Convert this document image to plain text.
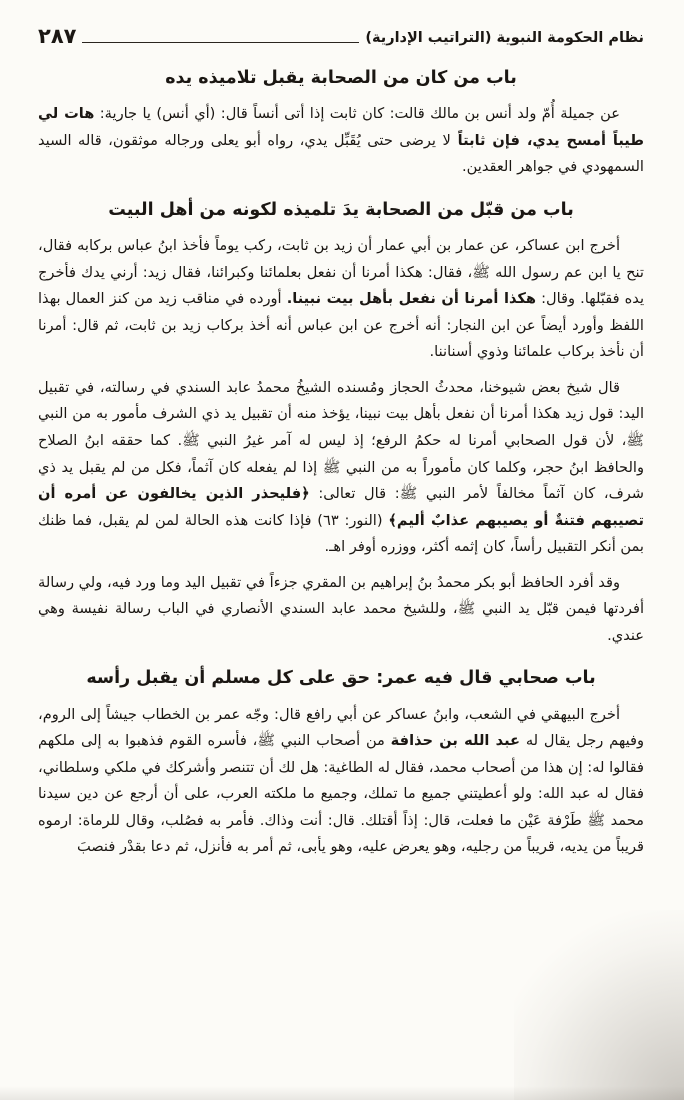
٢٨٧	نظام الحكومة النبوية (التراتيب الإدارية)
باب من كان من الصحابة يقبل تلاميذه يده

عن جميلة أُمّ ولد أنس بن مالك قالت: كان ثابت إذا أتى أنساً قال: (أي أنس) يا جارية: هات لي طيباً أمسح يدي، فإن ثابتاً لا يرضى حتى يُقَبِّل يدي، رواه أبو يعلى ورجاله موثقون، قاله السيد السمهودي في جواهر العقدين.

باب من قبّل من الصحابة يدَ تلميذه لكونه من أهل البيت

أخرج ابن عساكر، عن عمار بن أبي عمار أن زيد بن ثابت، ركب يوماً فأخذ ابنُ عباس بركابه فقال، تنح يا ابن عم رسول الله ﷺ، فقال: هكذا أمرنا أن نفعل بعلمائنا وكبرائنا، فقال زيد: أرني يدك فأخرج يده فقبّلها. وقال: هكذا أمرنا أن نفعل بأهل بيت نبينا. أورده في مناقب زيد من كنز العمال بهذا اللفظ وأورد أيضاً عن ابن النجار: أنه أخرج عن ابن عباس أنه أخذ بركاب زيد بن ثابت، ثم قال: أمرنا أن نأخذ بركاب علمائنا وذوي أسناننا.

قال شيخ بعض شيوخنا، محدثُ الحجاز ومُسنده الشيخُ محمدُ عابد السندي في رسالته، في تقبيل اليد: قول زيد هكذا أمرنا أن نفعل بأهل بيت نبينا، يؤخذ منه أن تقبيل يد ذي الشرف مأمور به من النبي ﷺ، لأن قول الصحابي أمرنا له حكمُ الرفع؛ إذ ليس له آمر غيرُ النبي ﷺ. كما حققه ابنُ الصلاح والحافظ ابنُ حجر، وكلما كان مأموراً به من النبي ﷺ إذا لم يفعله كان آثماً، فكل من لم يقبل يد ذي شرف، كان آثماً مخالفاً لأمر النبي ﷺ: قال تعالى: ﴿فليحذر الذين يخالفون عن أمره أن تصيبهم فتنةٌ أو يصيبهم عذابٌ أليم﴾ (النور: ٦٣) فإذا كانت هذه الحالة لمن لم يقبل، فما ظنك بمن أنكر التقبيل رأساً، كان إثمه أكثر، ووزره أوفر اهـ.

وقد أفرد الحافظ أبو بكر محمدُ بنُ إبراهيم بن المقري جزءاً في تقبيل اليد وما ورد فيه، ولي رسالة أفردتها فيمن قبّل يد النبي ﷺ، وللشيخ محمد عابد السندي الأنصاري في الباب رسالة نفيسة وهي عندي.

باب صحابي قال فيه عمر: حق على كل مسلم أن يقبل رأسه

أخرج البيهقي في الشعب، وابنُ عساكر عن أبي رافع قال: وجّه عمر بن الخطاب جيشاً إلى الروم، وفيهم رجل يقال له عبد الله بن حذافة من أصحاب النبي ﷺ، فأسره القوم فذهبوا به إلى ملكهم فقالوا له: إن هذا من أصحاب محمد، فقال له الطاغية: هل لك أن تتنصر وأشركك في ملكي وسلطاني، فقال له عبد الله: ولو أعطيتني جميع ما تملك، وجميع ما ملكته العرب، على أن أرجع عن دين سيدنا محمد ﷺ طَرْفة عَيْن ما فعلت، قال: إذاً أقتلك. قال: أنت وذاك. فأمر به فصُلب، وقال للرماة: ارموه قريباً من يديه، قريباً من رجليه، وهو يعرض عليه، وهو يأبى، ثم أمر به فأنزل، ثم دعا بقدْر فنصبَ
